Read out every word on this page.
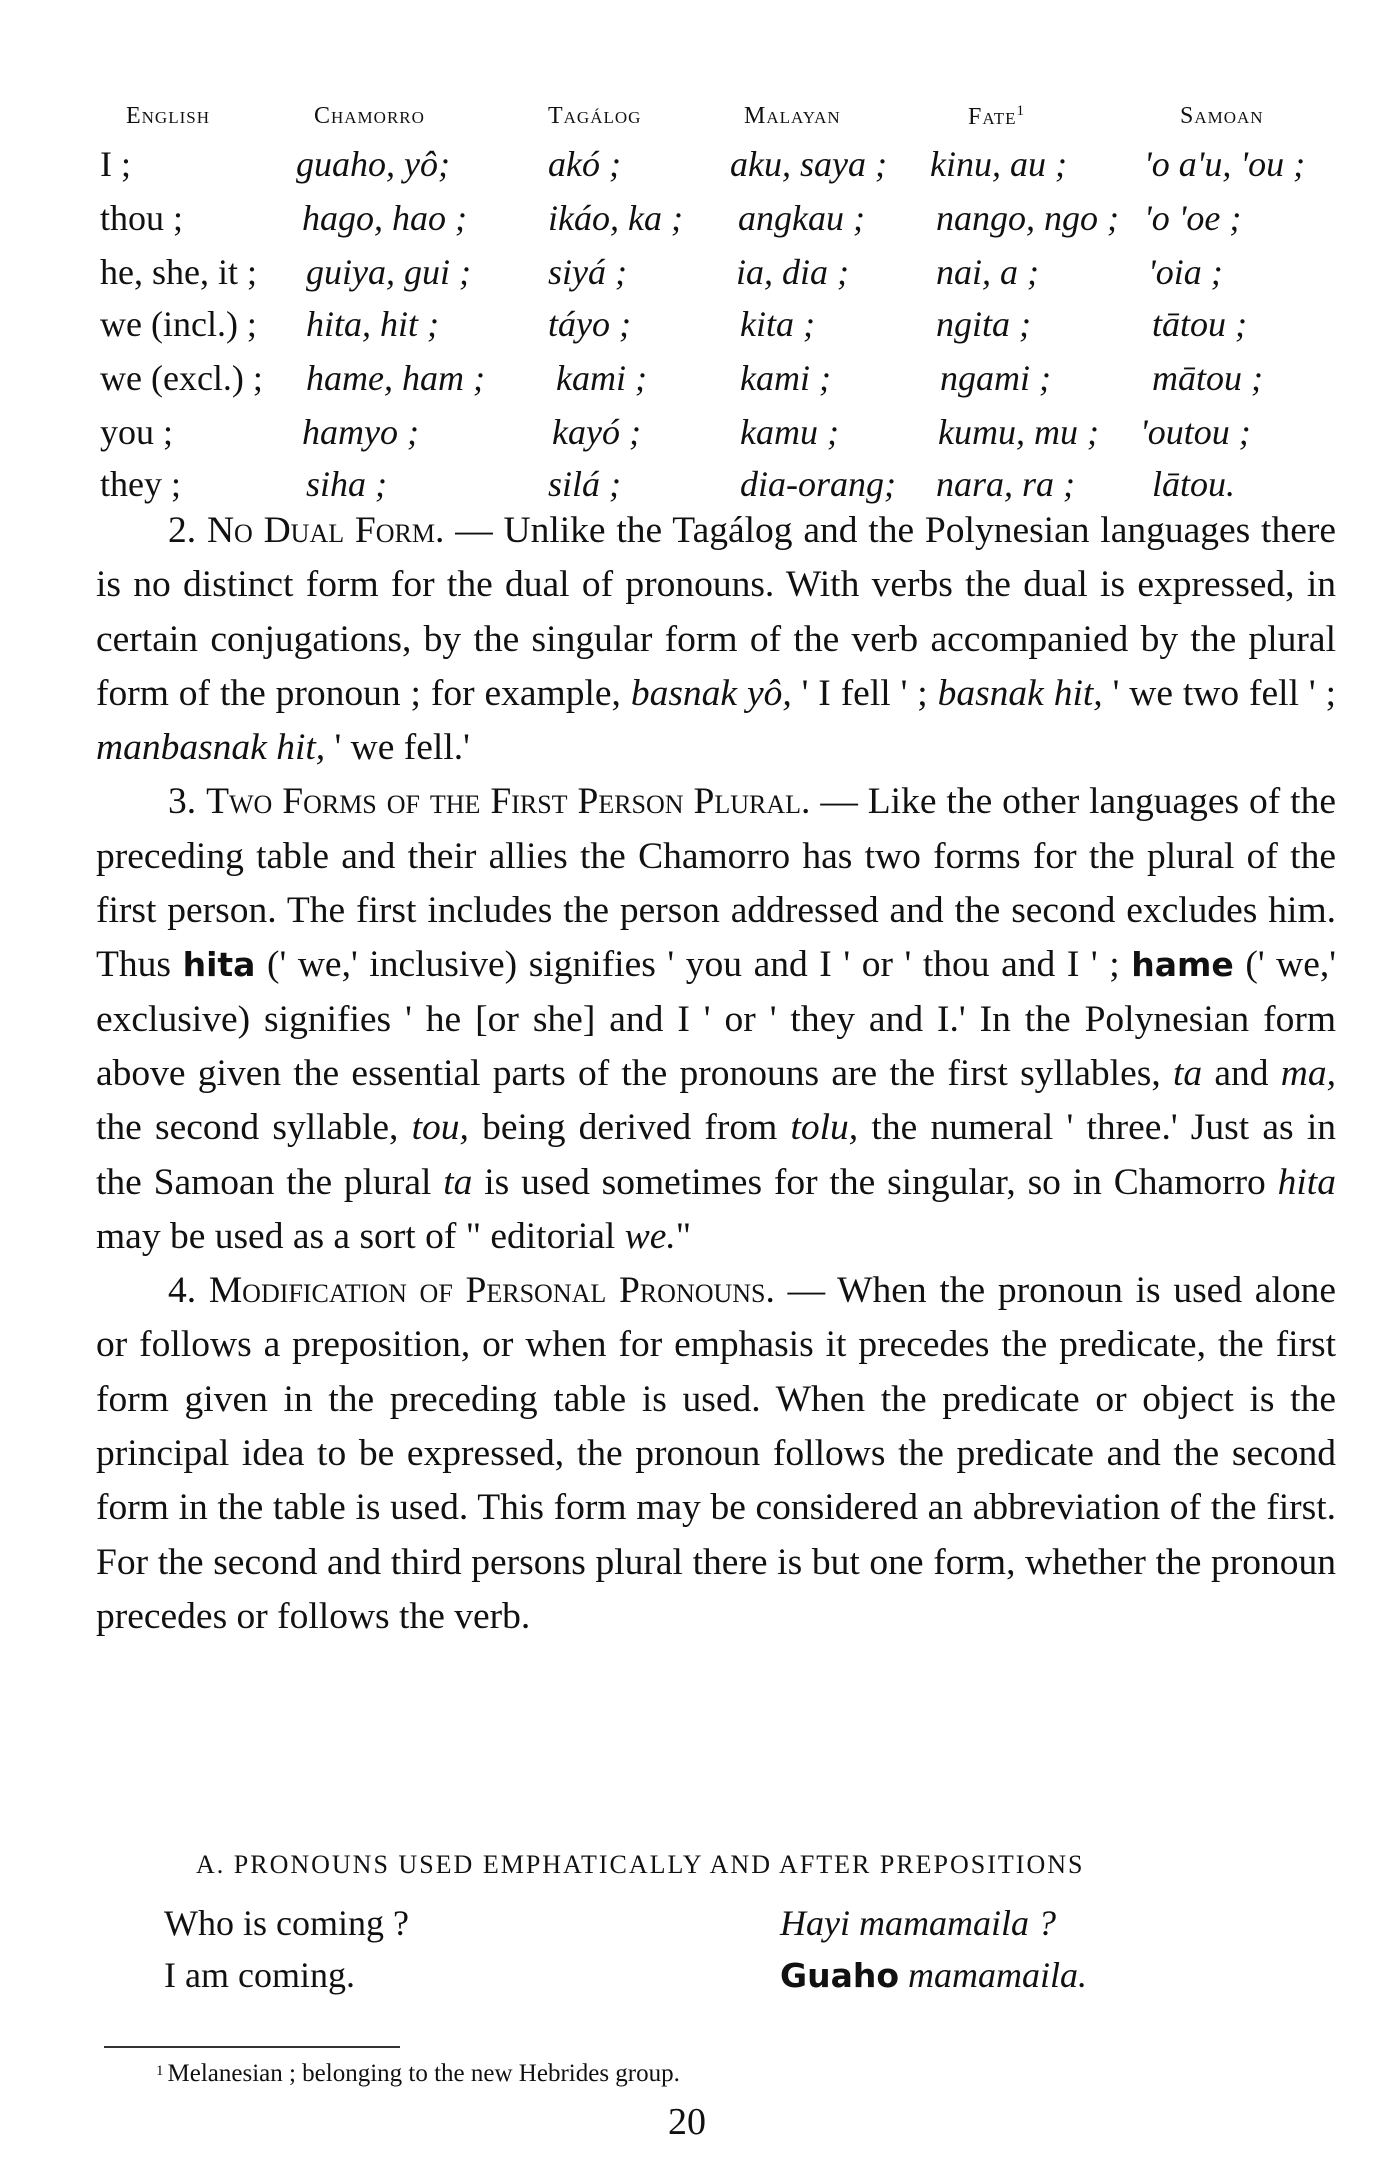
English	Chamorro	Tagálog	Malayan	Fate$^1$	Samoan
I ;	guaho, yô;	akó ;	aku, saya ; kinu, au ; 'o a'u, 'ou ;
thou ;	hago, hao ; ikáo, ka ; angkau ; nango, ngo ; 'o 'oe ;
he, she, it ; guiya, gui ; siyá ;	ia, dia ; nai, a ;	'oia ;
we (incl.) ; hita, hit ;	táyo ;	kita ;	ngita ;	tātou ;
we (excl.) ; hame, ham ; kami ;	kami ;	ngami ;	mātou ;
you ;	hamyo ;	kayó ;	kamu ;	kumu, mu ; 'outou ;
they ;	siha ;	silá ;	dia-orang; nara, ra ; lātou.

2. No Dual Form. — Unlike the Tagálog and the Polynesian languages there is no distinct form for the dual of pronouns. With verbs the dual is expressed, in certain conjugations, by the singular form of the verb accompanied by the plural form of the pronoun ; for example, basnak yô, ' I fell ' ; basnak hit, ' we two fell ' ; manbasnak hit, ' we fell.'

3. Two Forms of the First Person Plural. — Like the other languages of the preceding table and their allies the Chamorro has two forms for the plural of the first person. The first includes the person addressed and the second excludes him. Thus hita (' we,' inclusive) signifies ' you and I ' or ' thou and I ' ; hame (' we,' exclusive) signifies ' he [or she] and I ' or ' they and I.' In the Polynesian form above given the essential parts of the pronouns are the first syllables, ta and ma, the second syllable, tou, being derived from tolu, the numeral ' three.' Just as in the Samoan the plural ta is used sometimes for the singular, so in Chamorro hita may be used as a sort of " editorial we."

4. Modification of Personal Pronouns. — When the pronoun is used alone or follows a preposition, or when for emphasis it precedes the predicate, the first form given in the preceding table is used. When the predicate or object is the principal idea to be expressed, the pronoun follows the predicate and the second form in the table is used. This form may be considered an abbreviation of the first. For the second and third persons plural there is but one form, whether the pronoun precedes or follows the verb.

A. PRONOUNS USED EMPHATICALLY AND AFTER PREPOSITIONS
Who is coming ?	Hayi mamamaila ?
I am coming.	Guaho mamamaila.
$^1$ Melanesian ; belonging to the new Hebrides group.
20
